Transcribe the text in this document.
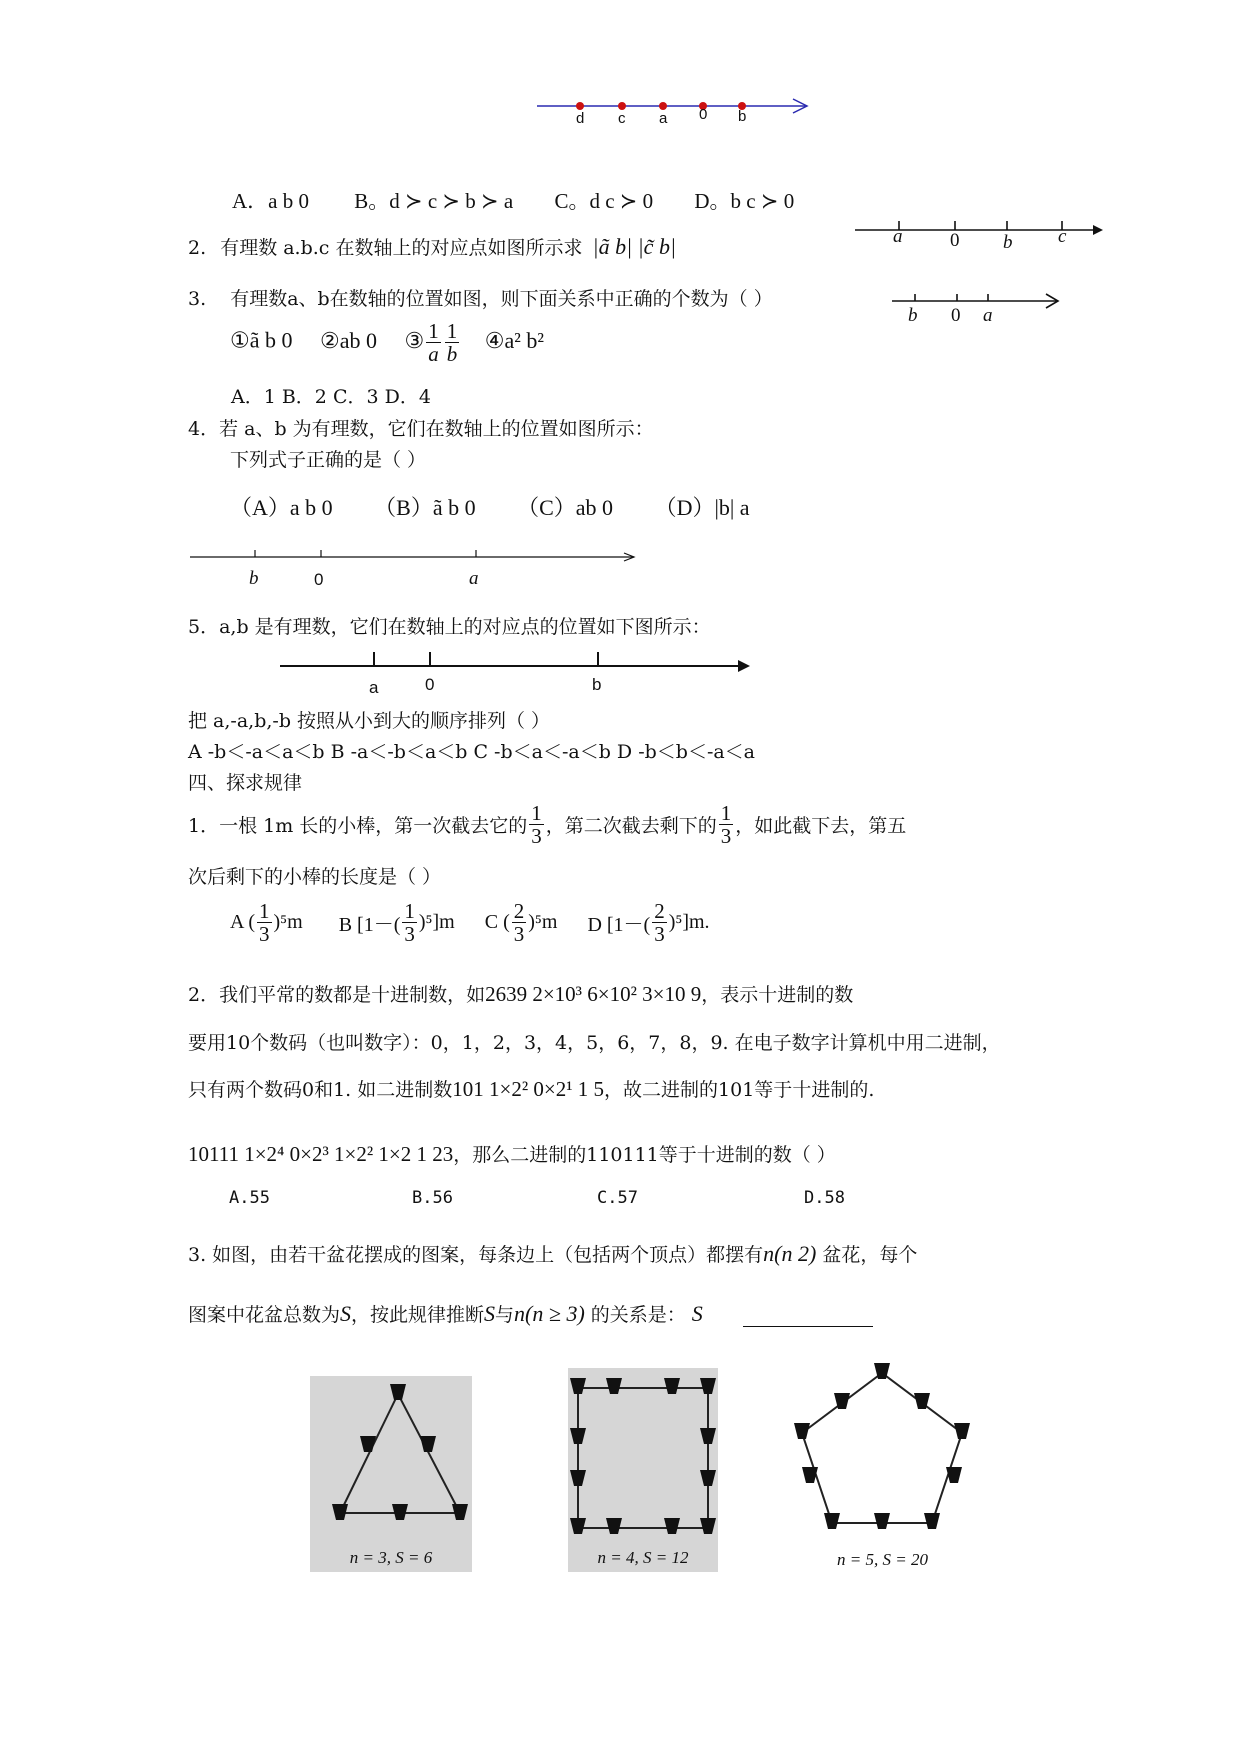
d c a 0 b
A．a b 0 B。d ≻ c ≻ b ≻ a C。d c ≻ 0 D。b c ≻ 0
2. 有理数 a.b.c 在数轴上的对应点如图所示求 |ã b| |c̃ b|	a	0 b c
3. 有理数a、b在数轴的位置如图，则下面关系中正确的个数为（ ）
b 0 a
①ã b 0 ②ab 0 ③ $\frac{1}{a} \frac{1}{b}$ ④a² b²
A．1 B．2 C．3 D．4
4．若 a、b 为有理数，它们在数轴上的位置如图所示：
下列式子正确的是（ ）
（A）a b 0 （B）ã b 0 （C）ab 0 （D）|b| a
b	0	a
5．a,b 是有理数，它们在数轴上的对应点的位置如下图所示：
a	0	b
把 a,-a,b,-b 按照从小到大的顺序排列（ ）
A -b＜-a＜a＜b B -a＜-b＜a＜b C -b＜a＜-a＜b D -b＜b＜-a＜a
四、探求规律
1．一根 1m 长的小棒，第一次截去它的 $\frac{1}{3}$ ，第二次截去剩下的 $\frac{1}{3}$ ，如此截下去，第五
次后剩下的小棒的长度是（ ）
A ( $\frac{1}{3} )^5m$ B $[1-( \frac{1}{3} )^5]m$ C ( $\frac{2}{3} )^5m$ D $[1-( \frac{2}{3} )^5]m$.
2．我们平常的数都是十进制数，如2639 2×10³ 6×10² 3×10 9，表示十进制的数
要用10个数码（也叫数字）：0，1，2，3，4，5，6，7，8，9. 在电子数字计算机中用二进制，
只有两个数码0和1. 如二进制数101 1×2² 0×2¹ 1 5，故二进制的101等于十进制的.
10111 1×2⁴ 0×2³ 1×2² 1×2 1 23，那么二进制的110111等于十进制的数（ ）
A.55	B.56	C.57	D.58
3. 如图，由若干盆花摆成的图案，每条边上（包括两个顶点）都摆有n(n 2) 盆花，每个
图案中花盆总数为S，按此规律推断S与n(n ≥ 3) 的关系是： S
n = 3, S = 6	n = 4, S = 12	n = 5, S = 20
